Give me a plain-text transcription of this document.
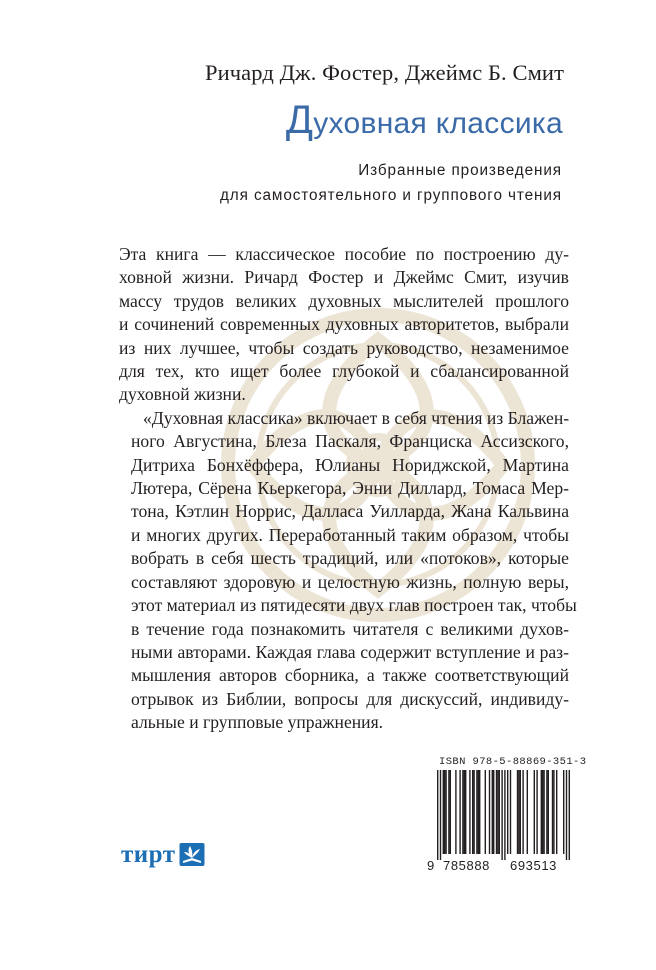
Ричард Дж. Фостер, Джеймс Б. Смит
Духовная классика
Избранные произведения
для самостоятельного и группового чтения

Эта книга — классическое пособие по построению ду-
ховной жизни. Ричард Фостер и Джеймс Смит, изучив
массу трудов великих духовных мыслителей прошлого
и сочинений современных духовных авторитетов, выбрали
из них лучшее, чтобы создать руководство, незаменимое
для тех, кто ищет более глубокой и сбалансированной
духовной жизни.

«Духовная классика» включает в себя чтения из Блажен-
ного Августина, Блеза Паскаля, Франциска Ассизского,
Дитриха Бонхёффера, Юлианы Нориджской, Мартина
Лютера, Сёрена Кьеркегора, Энни Диллард, Томаса Мер-
тона, Кэтлин Норрис, Далласа Уилларда, Жана Кальвина
и многих других. Переработанный таким образом, чтобы
вобрать в себя шесть традиций, или «потоков», которые
составляют здоровую и целостную жизнь, полную веры,
этот материал из пятидесяти двух глав построен так, чтобы
в течение года познакомить читателя с великими духов-
ными авторами. Каждая глава содержит вступление и раз-
мышления авторов сборника, а также соответствующий
отрывок из Библии, вопросы для дискуссий, индивиду-
альные и групповые упражнения.

тирт
ISBN 978-5-88869-351-3
9 785888 693513
